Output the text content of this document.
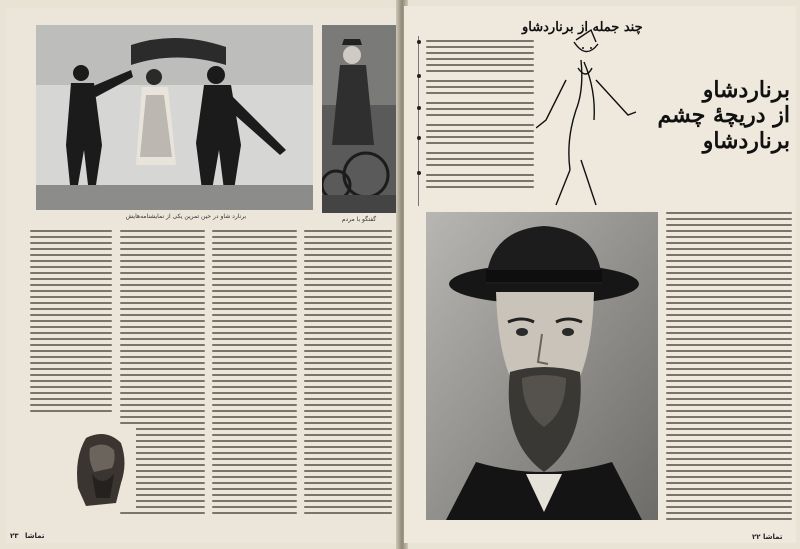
برنارد شاو در حین تمرین یکی از نمایشنامه‌هایش	گفتگو با مردم
۲۳ تماشا
چند جمله از برناردشاو
برناردشاو
از دریچهٔ چشم
برناردشاو
تماشا ۲۲
